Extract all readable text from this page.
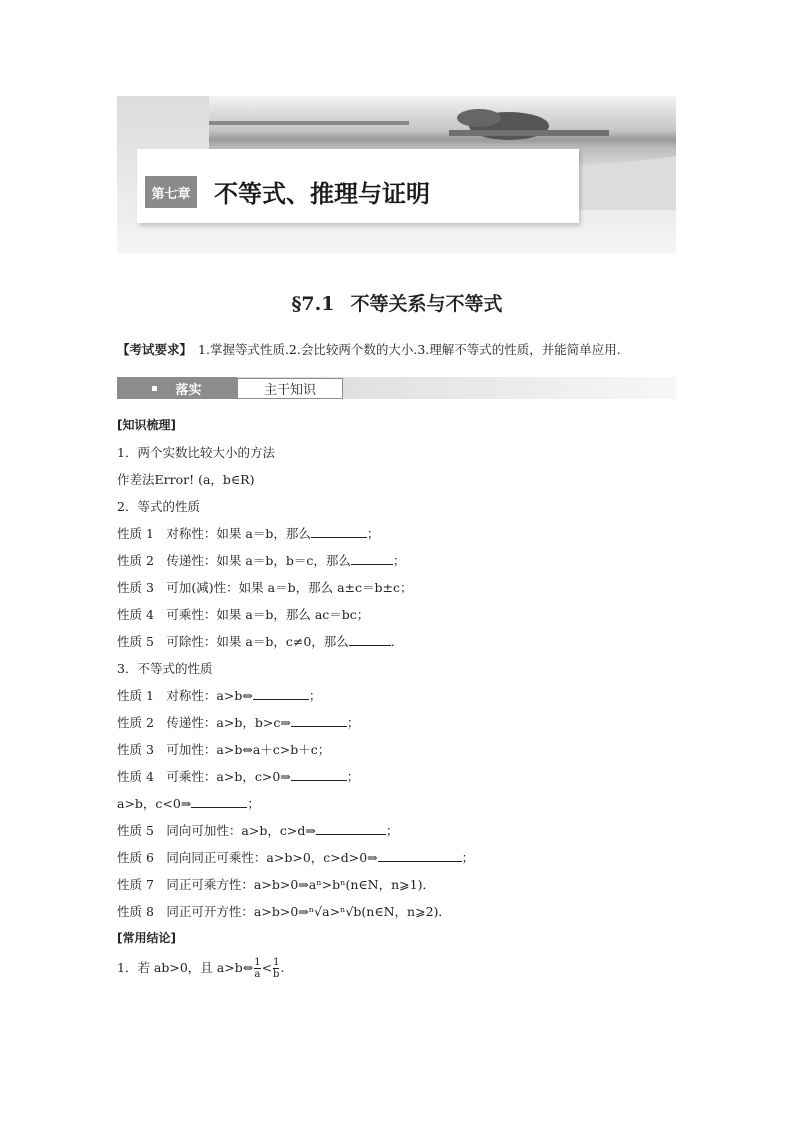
第七章 不等式、推理与证明
§7.1 不等关系与不等式
【考试要求】 1.掌握等式性质.2.会比较两个数的大小.3.理解不等式的性质，并能简单应用.
落实	主干知识
[知识梳理]
1．两个实数比较大小的方法
作差法Error! (a，b∈R)
2．等式的性质
性质 1　对称性：如果 a＝b，那么	；
性质 2　传递性：如果 a＝b，b＝c，那么	；
性质 3　可加(减)性：如果 a＝b，那么 a±c＝b±c；
性质 4　可乘性：如果 a＝b，那么 ac＝bc；
性质 5　可除性：如果 a＝b，c≠0，那么	．
3．不等式的性质
性质 1　对称性：a>b⇔	；
性质 2　传递性：a>b，b>c⇒	；
性质 3　可加性：a>b⇔a＋c>b＋c；
性质 4　可乘性：a>b，c>0⇒	；
a>b，c<0⇒	；
性质 5　同向可加性：a>b，c>d⇒	；
性质 6　同向同正可乘性：a>b>0，c>d>0⇒	；
性质 7　同正可乘方性：a>b>0⇒aⁿ>bⁿ(n∈N，n⩾1)．
性质 8　同正可开方性：a>b>0⇒ⁿ√a>ⁿ√b(n∈N，n⩾2)．
[常用结论]
1．若 ab>0，且 a>b⇔ $\frac{1}{a} < \frac{1}{b}$ .
